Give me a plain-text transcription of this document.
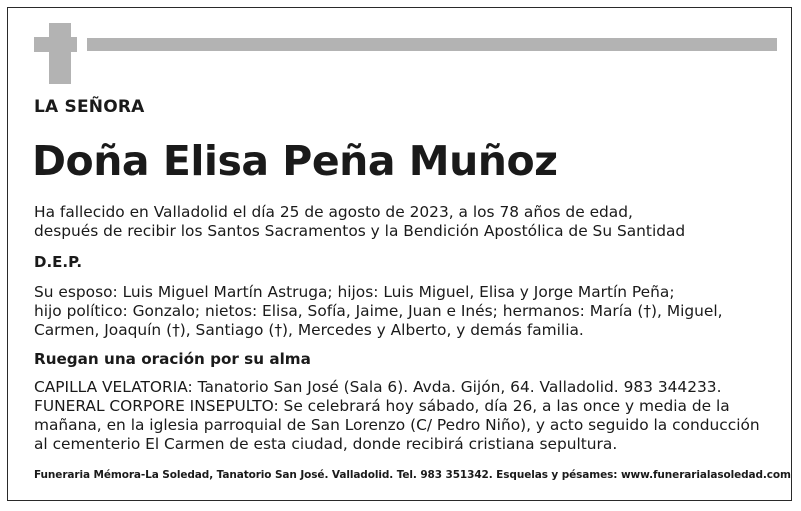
LA SEÑORA
Doña Elisa Peña Muñoz
Ha fallecido en Valladolid el día 25 de agosto de 2023, a los 78 años de edad,
después de recibir los Santos Sacramentos y la Bendición Apostólica de Su Santidad
D.E.P.
Su esposo: Luis Miguel Martín Astruga; hijos: Luis Miguel, Elisa y Jorge Martín Peña;
hijo político: Gonzalo; nietos: Elisa, Sofía, Jaime, Juan e Inés; hermanos: María (†), Miguel,
Carmen, Joaquín (†), Santiago (†), Mercedes y Alberto, y demás familia.
Ruegan una oración por su alma
CAPILLA VELATORIA: Tanatorio San José (Sala 6). Avda. Gijón, 64. Valladolid. 983 344233.
FUNERAL CORPORE INSEPULTO: Se celebrará hoy sábado, día 26, a las once y media de la
mañana, en la iglesia parroquial de San Lorenzo (C/ Pedro Niño), y acto seguido la conducción
al cementerio El Carmen de esta ciudad, donde recibirá cristiana sepultura.
Funeraria Mémora-La Soledad, Tanatorio San José. Valladolid. Tel. 983 351342. Esquelas y pésames: www.funerarialasoledad.com
